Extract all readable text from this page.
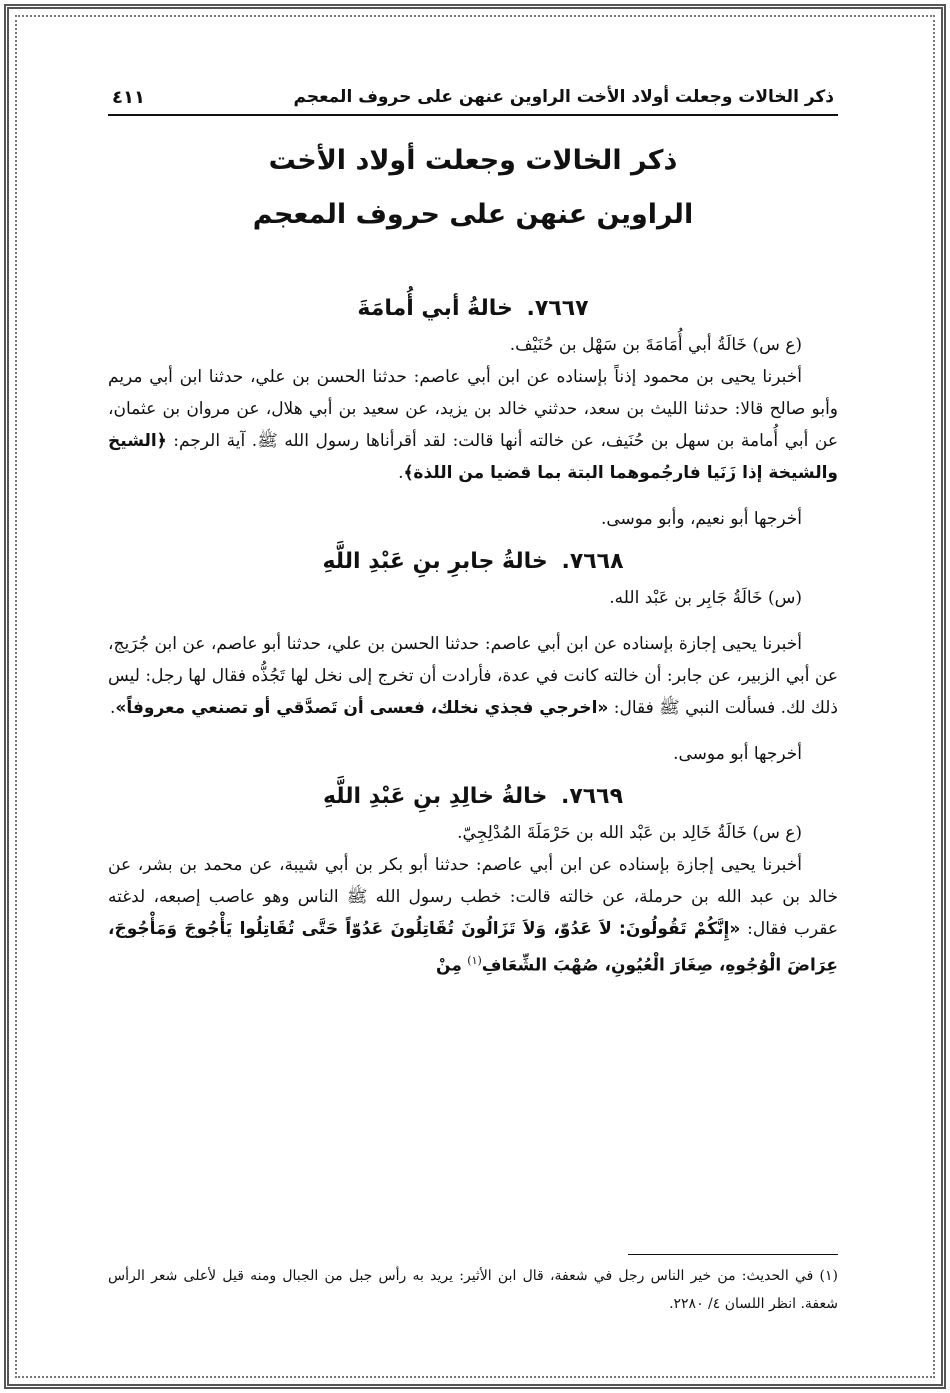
ذكر الخالات وجعلت أولاد الأخت الراوين عنهن على حروف المعجم
٤١١
ذكر الخالات وجعلت أولاد الأخت
الراوين عنهن على حروف المعجم
٧٦٦٧. خالةُ أبي أُمامَةَ

(ع س) خَالَةُ أبي أُمَامَةَ بن سَهْل بن حُنَيْف.

أخبرنا يحيى بن محمود إذناً بإسناده عن ابن أبي عاصم: حدثنا الحسن بن علي، حدثنا ابن أبي مريم وأبو صالح قالا: حدثنا الليث بن سعد، حدثني خالد بن يزيد، عن سعيد بن أبي هلال، عن مروان بن عثمان، عن أبي أُمامة بن سهل بن حُنَيف، عن خالته أنها قالت: لقد أقرأناها رسول الله ﷺ. آية الرجم: ﴿الشيخ والشيخة إذا زَنَيا فارجُموهما البتة بما قضيا من اللذة﴾.

أخرجها أبو نعيم، وأبو موسى.

٧٦٦٨. خالةُ جابرِ بنِ عَبْدِ اللَّهِ

(س) خَالَةُ جَابِر بن عَبْد الله.

أخبرنا يحيى إجازة بإسناده عن ابن أبي عاصم: حدثنا الحسن بن علي، حدثنا أبو عاصم، عن ابن جُرَيج، عن أبي الزبير، عن جابر: أن خالته كانت في عدة، فأرادت أن تخرج إلى نخل لها تَجُذُّه فقال لها رجل: ليس ذلك لك. فسألت النبي ﷺ فقال: «اخرجي فجذي نخلك، فعسى أن تَصدَّقي أو تصنعي معروفاً».

أخرجها أبو موسى.

٧٦٦٩. خالةُ خالِدِ بنِ عَبْدِ اللَّهِ

(ع س) خَالَةُ خَالِد بن عَبْد الله بن حَرْمَلَةَ المُدْلِجِيّ.

أخبرنا يحيى إجازة بإسناده عن ابن أبي عاصم: حدثنا أبو بكر بن أبي شيبة، عن محمد بن بشر، عن خالد بن عبد الله بن حرملة، عن خالته قالت: خطب رسول الله ﷺ الناس وهو عاصب إصبعه، لدغته عقرب فقال: «إِنَّكُمْ تَقُولُونَ: لاَ عَدُوّ، وَلاَ تَزَالُونَ تُقَاتِلُونَ عَدُوّاً حَتَّى تُقَاتِلُوا يَأْجُوجَ وَمَأْجُوجَ، عِرَاضَ الْوُجُوهِ، صِغَارَ الْعُيُونِ، صُهْبَ الشِّعَافِ$^{(١)}$ مِنْ

(١) في الحديث: من خير الناس رجل في شعفة، قال ابن الأثير: يريد به رأس جبل من الجبال ومنه قيل لأعلى شعر الرأس شعفة. انظر اللسان ٤/ ٢٢٨٠.
